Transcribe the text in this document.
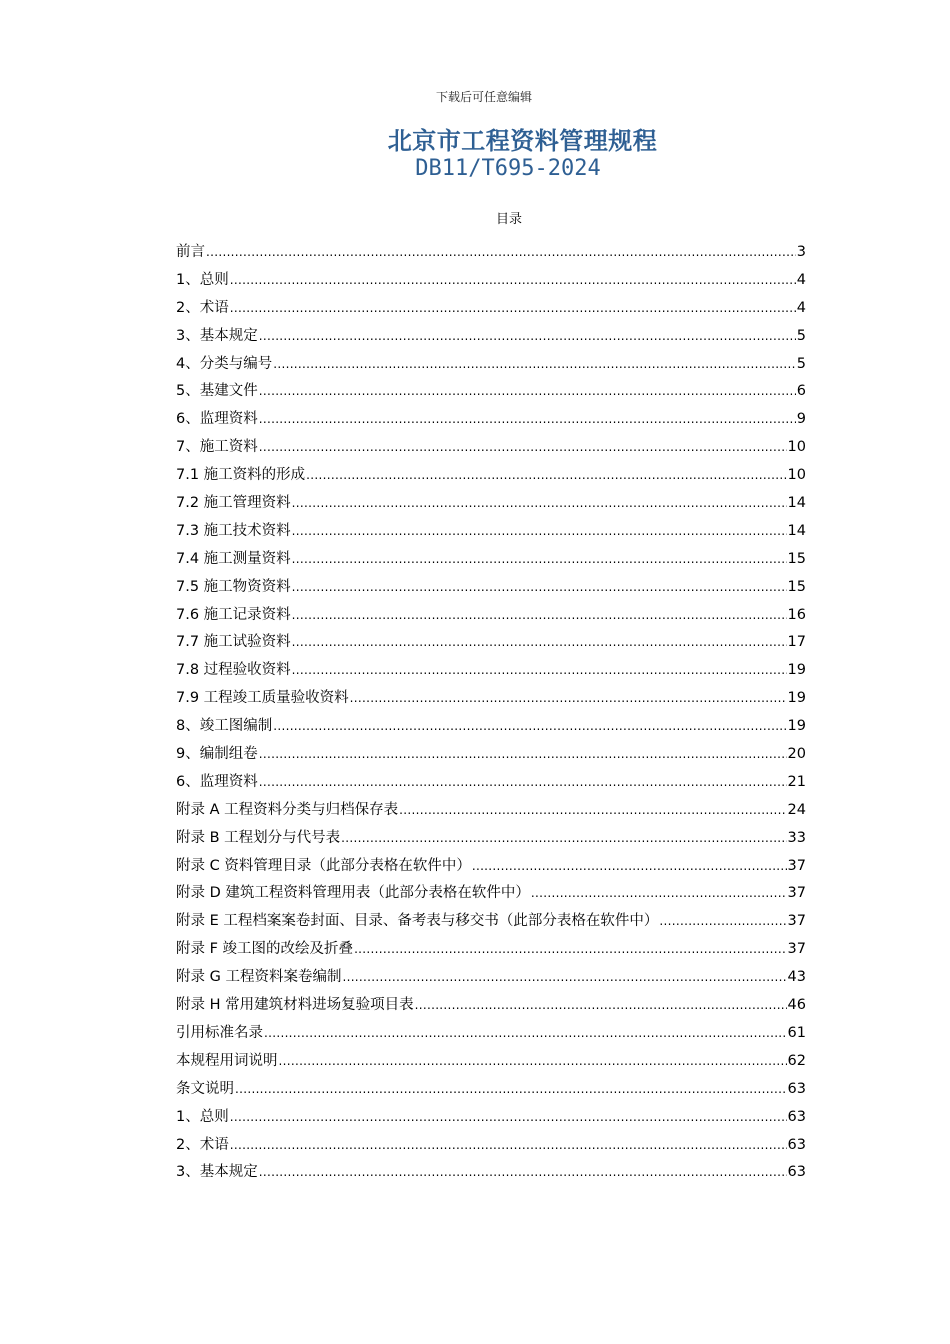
下载后可任意编辑
北京市工程资料管理规程
DB11/T695-2024
目录
前言 .....	3
1、总则 .....	4
2、术语 .....	4
3、基本规定 .....	5
4、分类与编号 .....	5
5、基建文件 .....	6
6、监理资料 .....	9
7、施工资料 .....	10
7.1 施工资料的形成 .....	10
7.2 施工管理资料 .....	14
7.3 施工技术资料 .....	14
7.4 施工测量资料 .....	15
7.5 施工物资资料 .....	15
7.6 施工记录资料 .....	16
7.7 施工试验资料 .....	17
7.8 过程验收资料 .....	19
7.9 工程竣工质量验收资料 .....	19
8、竣工图编制 .....	19
9、编制组卷 .....	20
6、监理资料 .....	21
附录 A 工程资料分类与归档保存表 .....	24
附录 B 工程划分与代号表 .....	33
附录 C 资料管理目录（此部分表格在软件中） .....	37
附录 D 建筑工程资料管理用表（此部分表格在软件中） .....	37
附录 E 工程档案案卷封面、目录、备考表与移交书（此部分表格在软件中） .....	37
附录 F 竣工图的改绘及折叠 .....	37
附录 G 工程资料案卷编制 .....	43
附录 H 常用建筑材料进场复验项目表 .....	46
引用标准名录 .....	61
本规程用词说明 .....	62
条文说明 .....	63
1、总则 .....	63
2、术语 .....	63
3、基本规定 .....	63
